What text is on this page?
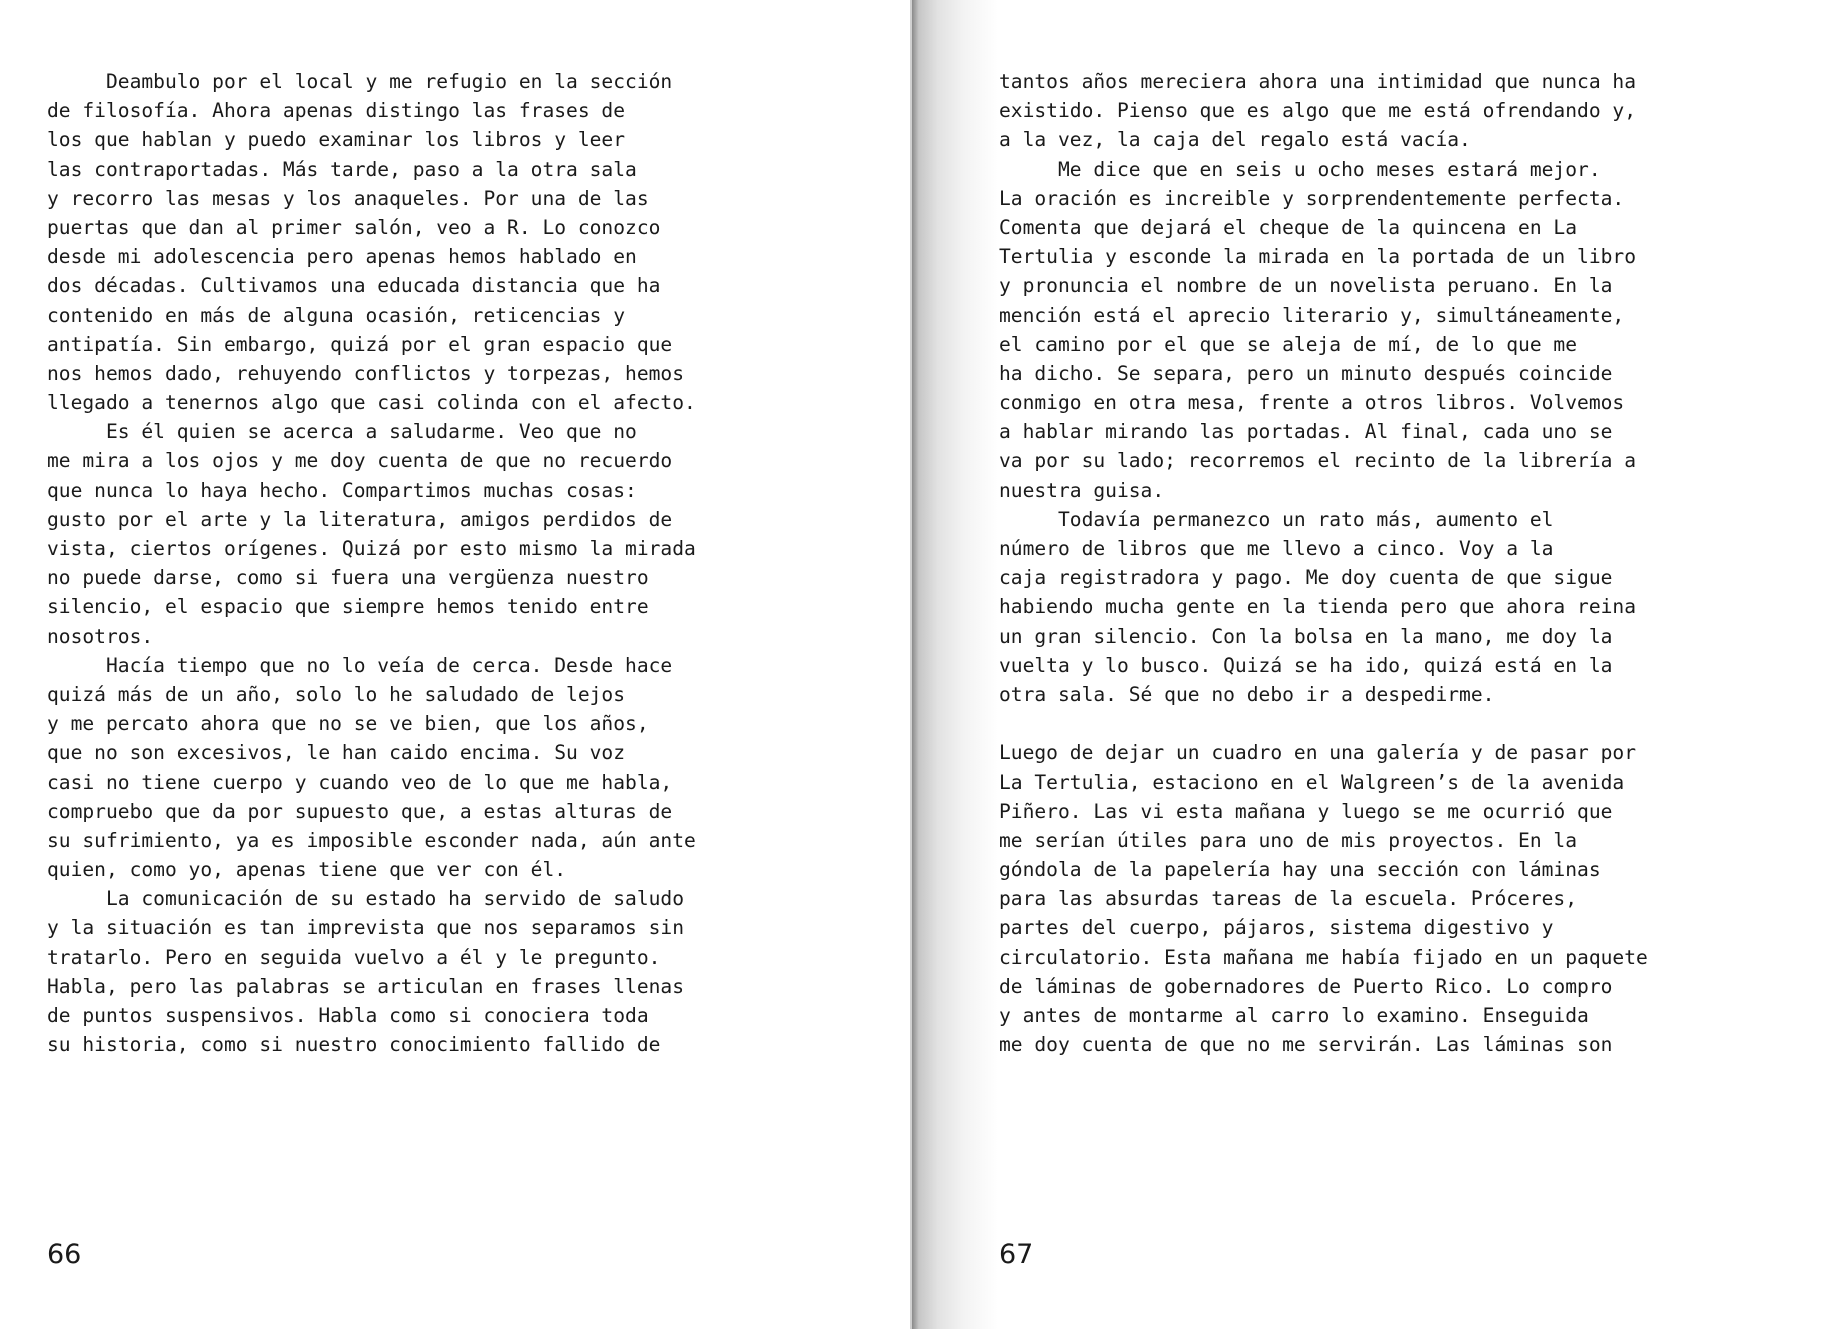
Deambulo por el local y me refugio en la sección
de filosofía. Ahora apenas distingo las frases de
los que hablan y puedo examinar los libros y leer
las contraportadas. Más tarde, paso a la otra sala
y recorro las mesas y los anaqueles. Por una de las
puertas que dan al primer salón, veo a R. Lo conozco
desde mi adolescencia pero apenas hemos hablado en
dos décadas. Cultivamos una educada distancia que ha
contenido en más de alguna ocasión, reticencias y
antipatía. Sin embargo, quizá por el gran espacio que
nos hemos dado, rehuyendo conflictos y torpezas, hemos
llegado a tenernos algo que casi colinda con el afecto.
Es él quien se acerca a saludarme. Veo que no
me mira a los ojos y me doy cuenta de que no recuerdo
que nunca lo haya hecho. Compartimos muchas cosas:
gusto por el arte y la literatura, amigos perdidos de
vista, ciertos orígenes. Quizá por esto mismo la mirada
no puede darse, como si fuera una vergüenza nuestro
silencio, el espacio que siempre hemos tenido entre
nosotros.
Hacía tiempo que no lo veía de cerca. Desde hace
quizá más de un año, solo lo he saludado de lejos
y me percato ahora que no se ve bien, que los años,
que no son excesivos, le han caido encima. Su voz
casi no tiene cuerpo y cuando veo de lo que me habla,
compruebo que da por supuesto que, a estas alturas de
su sufrimiento, ya es imposible esconder nada, aún ante
quien, como yo, apenas tiene que ver con él.
La comunicación de su estado ha servido de saludo
y la situación es tan imprevista que nos separamos sin
tratarlo. Pero en seguida vuelvo a él y le pregunto.
Habla, pero las palabras se articulan en frases llenas
de puntos suspensivos. Habla como si conociera toda
su historia, como si nuestro conocimiento fallido de
66
tantos años mereciera ahora una intimidad que nunca ha
existido. Pienso que es algo que me está ofrendando y,
a la vez, la caja del regalo está vacía.
Me dice que en seis u ocho meses estará mejor.
La oración es increible y sorprendentemente perfecta.
Comenta que dejará el cheque de la quincena en La
Tertulia y esconde la mirada en la portada de un libro
y pronuncia el nombre de un novelista peruano. En la
mención está el aprecio literario y, simultáneamente,
el camino por el que se aleja de mí, de lo que me
ha dicho. Se separa, pero un minuto después coincide
conmigo en otra mesa, frente a otros libros. Volvemos
a hablar mirando las portadas. Al final, cada uno se
va por su lado; recorremos el recinto de la librería a
nuestra guisa.
Todavía permanezco un rato más, aumento el
número de libros que me llevo a cinco. Voy a la
caja registradora y pago. Me doy cuenta de que sigue
habiendo mucha gente en la tienda pero que ahora reina
un gran silencio. Con la bolsa en la mano, me doy la
vuelta y lo busco. Quizá se ha ido, quizá está en la
otra sala. Sé que no debo ir a despedirme.
Luego de dejar un cuadro en una galería y de pasar por
La Tertulia, estaciono en el Walgreen’s de la avenida
Piñero. Las vi esta mañana y luego se me ocurrió que
me serían útiles para uno de mis proyectos. En la
góndola de la papelería hay una sección con láminas
para las absurdas tareas de la escuela. Próceres,
partes del cuerpo, pájaros, sistema digestivo y
circulatorio. Esta mañana me había fijado en un paquete
de láminas de gobernadores de Puerto Rico. Lo compro
y antes de montarme al carro lo examino. Enseguida
me doy cuenta de que no me servirán. Las láminas son
67
